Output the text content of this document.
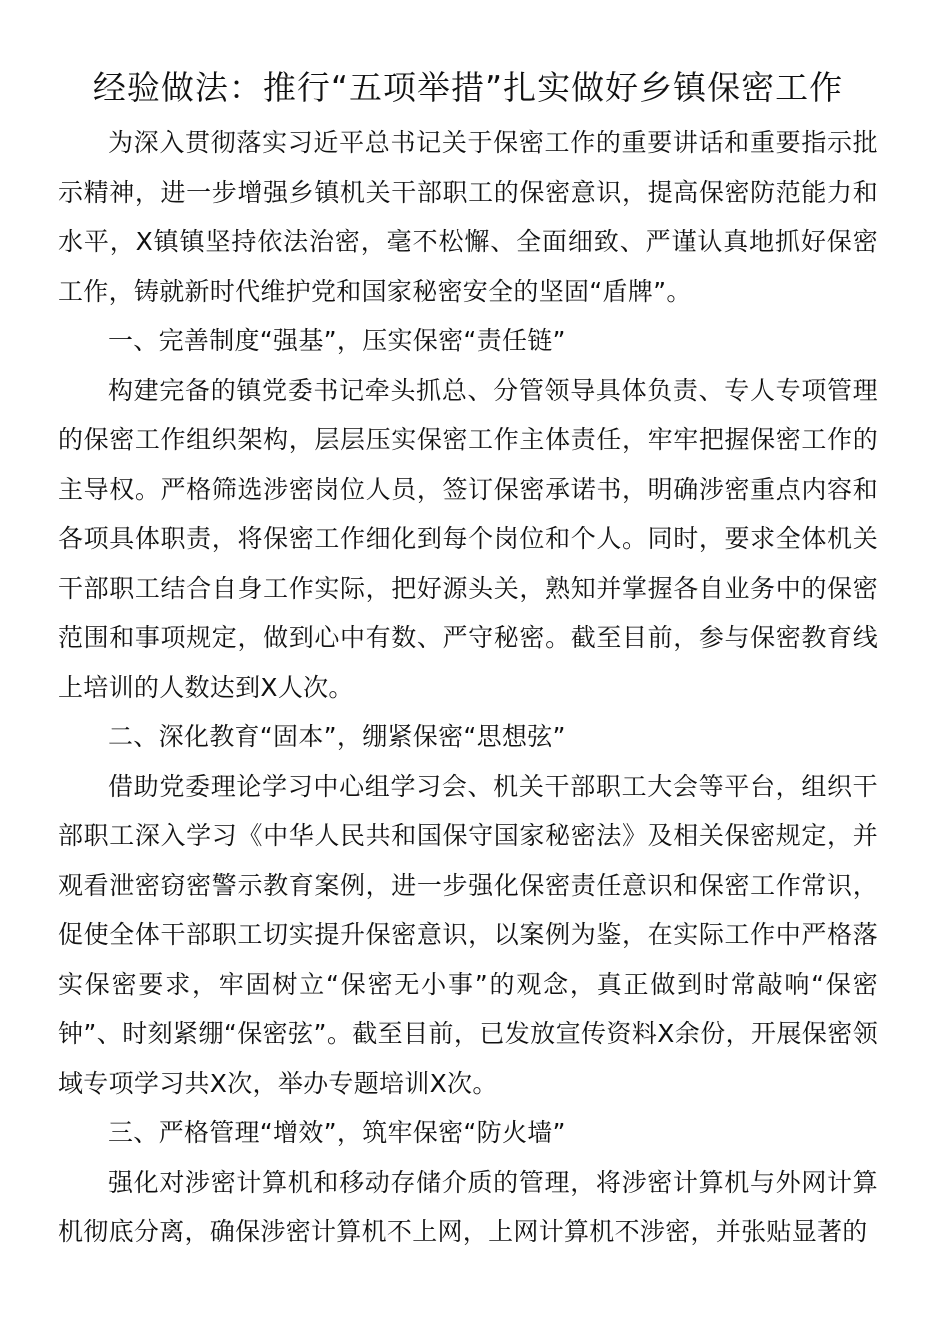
经验做法：推行“五项举措”扎实做好乡镇保密工作

为深入贯彻落实习近平总书记关于保密工作的重要讲话和重要指示批示精神，进一步增强乡镇机关干部职工的保密意识，提高保密防范能力和水平，X镇镇坚持依法治密，毫不松懈、全面细致、严谨认真地抓好保密工作，铸就新时代维护党和国家秘密安全的坚固“盾牌”。

一、完善制度“强基”，压实保密“责任链”

构建完备的镇党委书记牵头抓总、分管领导具体负责、专人专项管理的保密工作组织架构，层层压实保密工作主体责任，牢牢把握保密工作的主导权。严格筛选涉密岗位人员，签订保密承诺书，明确涉密重点内容和各项具体职责，将保密工作细化到每个岗位和个人。同时，要求全体机关干部职工结合自身工作实际，把好源头关，熟知并掌握各自业务中的保密范围和事项规定，做到心中有数、严守秘密。截至目前，参与保密教育线上培训的人数达到X人次。

二、深化教育“固本”，绷紧保密“思想弦”

借助党委理论学习中心组学习会、机关干部职工大会等平台，组织干部职工深入学习《中华人民共和国保守国家秘密法》及相关保密规定，并观看泄密窃密警示教育案例，进一步强化保密责任意识和保密工作常识，促使全体干部职工切实提升保密意识，以案例为鉴，在实际工作中严格落实保密要求，牢固树立“保密无小事”的观念，真正做到时常敲响“保密钟”、时刻紧绷“保密弦”。截至目前，已发放宣传资料X余份，开展保密领域专项学习共X次，举办专题培训X次。

三、严格管理“增效”，筑牢保密“防火墙”

强化对涉密计算机和移动存储介质的管理，将涉密计算机与外网计算机彻底分离，确保涉密计算机不上网，上网计算机不涉密，并张贴显著的
